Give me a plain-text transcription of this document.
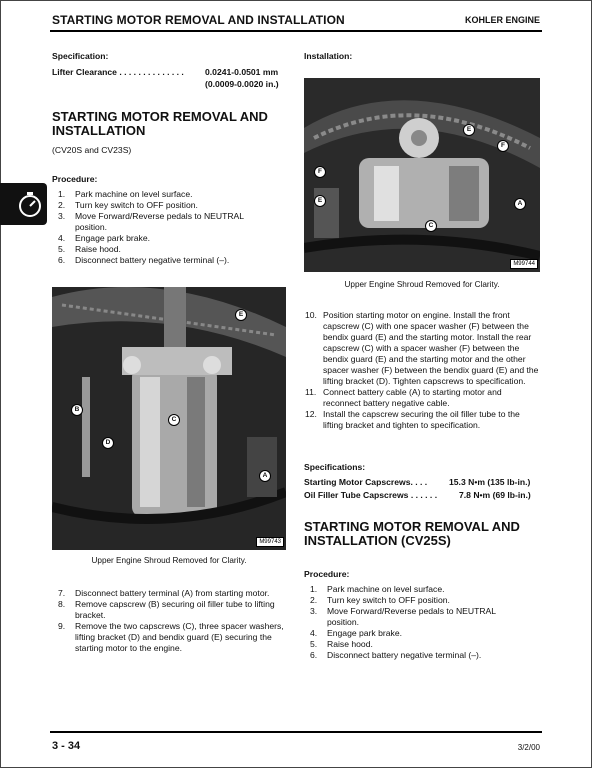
STARTING MOTOR REMOVAL AND INSTALLATION	KOHLER ENGINE
Specification:
Lifter Clearance . . . . . . . . . . . . . . 0.0241-0.0501 mm
(0.0009-0.0020 in.)
STARTING MOTOR REMOVAL AND
INSTALLATION
(CV20S and CV23S)
Procedure:
1. Park machine on level surface.
2. Turn key switch to OFF position.
3. Move Forward/Reverse pedals to NEUTRAL position.
4. Engage park brake.
5. Raise hood.
6. Disconnect battery negative terminal (–).
E
C
B
D
A
M99743
Upper Engine Shroud Removed for Clarity.
7. Disconnect battery terminal (A) from starting motor.
8. Remove capscrew (B) securing oil filler tube to lifting bracket.
9. Remove the two capscrews (C), three spacer washers, lifting bracket (D) and bendix guard (E) securing the starting motor to the engine.
Installation:
E
F
F
E
C
A
M99744
Upper Engine Shroud Removed for Clarity.
10. Position starting motor on engine. Install the front capscrew (C) with one spacer washer (F) between the bendix guard (E) and the starting motor. Install the rear capscrew (C) with a spacer washer (F) between the bendix guard (E) and the starting motor and the other spacer washer (F) between the bendix guard (E) and the lifting bracket (D). Tighten capscrews to specification.
11. Connect battery cable (A) to starting motor and reconnect battery negative cable.
12. Install the capscrew securing the oil filler tube to the lifting bracket and tighten to specification.
Specifications:
Starting Motor Capscrews. . . .	15.3 N•m (135 lb-in.)
Oil Filler Tube Capscrews . . . . . .	7.8 N•m (69 lb-in.)
STARTING MOTOR REMOVAL AND
INSTALLATION (CV25S)
Procedure:
1. Park machine on level surface.
2. Turn key switch to OFF position.
3. Move Forward/Reverse pedals to NEUTRAL position.
4. Engage park brake.
5. Raise hood.
6. Disconnect battery negative terminal (–).
3 - 34	3/2/00
